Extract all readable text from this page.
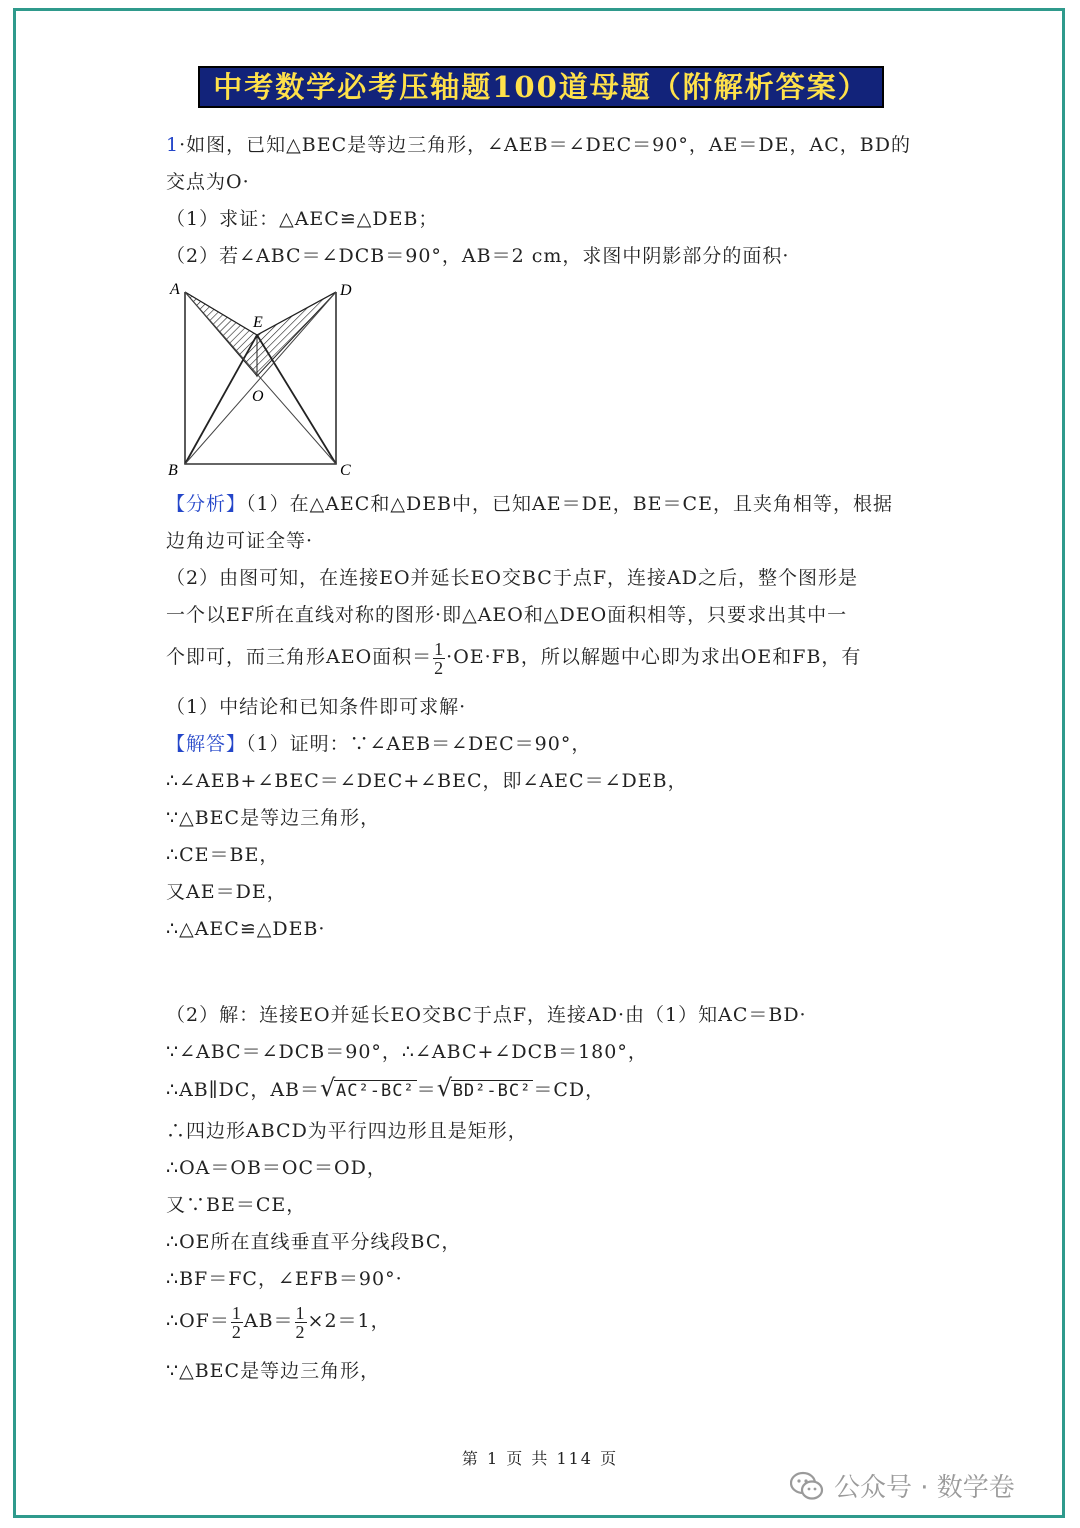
中考数学必考压轴题100道母题（附解析答案）
1·如图，已知△BEC是等边三角形，∠AEB＝∠DEC＝90°，AE＝DE，AC，BD的
交点为O·
（1）求证：△AEC≌△DEB；
（2）若∠ABC＝∠DCB＝90°，AB＝2 cm，求图中阴影部分的面积·
A	D
E
O
B	C
【分析】（1）在△AEC和△DEB中，已知AE＝DE，BE＝CE，且夹角相等，根据
边角边可证全等·
（2）由图可知，在连接EO并延长EO交BC于点F，连接AD之后，整个图形是
一个以EF所在直线对称的图形·即△AEO和△DEO面积相等，只要求出其中一
个即可，而三角形AEO面积＝ $\frac{1}{2} \cdot OE\cdot FB$，所以解题中心即为求出OE和FB，有
（1）中结论和已知条件即可求解·
【解答】（1）证明：∵∠AEB＝∠DEC＝90°，
∴∠AEB+∠BEC＝∠DEC+∠BEC，即∠AEC＝∠DEB，
∵△BEC是等边三角形，
∴CE＝BE，
又AE＝DE，
∴△AEC≌△DEB·
（2）解：连接EO并延长EO交BC于点F，连接AD·由（1）知AC＝BD·
∵∠ABC＝∠DCB＝90°，∴∠ABC+∠DCB＝180°，
∴AB∥DC，AB＝ √ AC²-BC² ＝ √ BD²-BC² ＝CD，
∴四边形ABCD为平行四边形且是矩形，
∴OA＝OB＝OC＝OD，
又∵BE＝CE，
∴OE所在直线垂直平分线段BC，
∴BF＝FC，∠EFB＝90°·
∴OF＝ $\frac{1}{2} AB= \frac{1}{2} \times 2=1$，
∵△BEC是等边三角形，
第 1 页 共 114 页
公众号 · 数学卷
